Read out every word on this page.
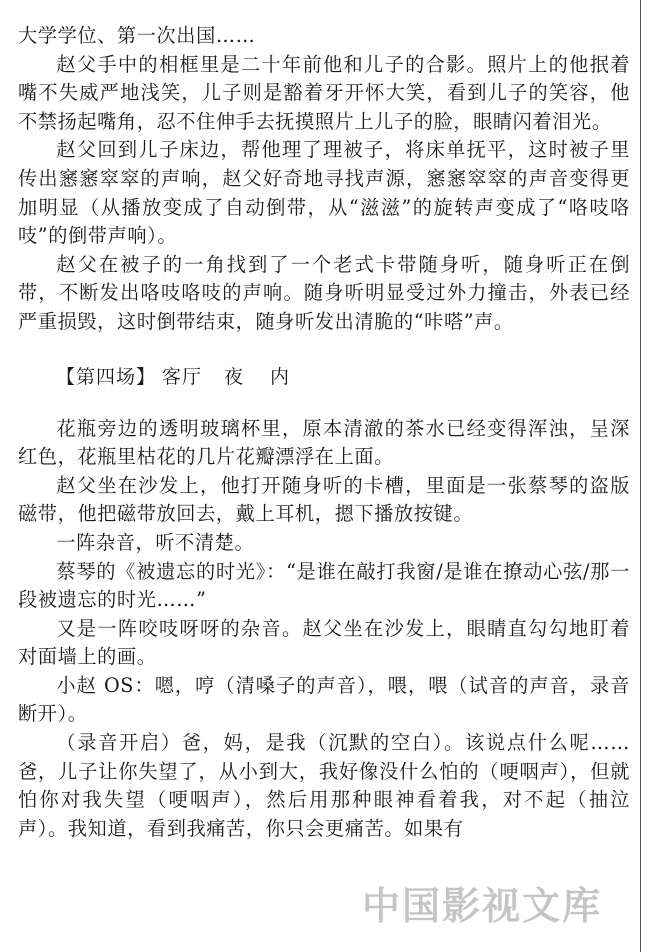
大学学位、第一次出国……

赵父手中的相框里是二十年前他和儿子的合影。照片上的他抿着嘴不失威严地浅笑，儿子则是豁着牙开怀大笑，看到儿子的笑容，他不禁扬起嘴角，忍不住伸手去抚摸照片上儿子的脸，眼睛闪着泪光。

赵父回到儿子床边，帮他理了理被子，将床单抚平，这时被子里传出窸窸窣窣的声响，赵父好奇地寻找声源，窸窸窣窣的声音变得更加明显（从播放变成了自动倒带，从“滋滋”的旋转声变成了“咯吱咯吱”的倒带声响）。

赵父在被子的一角找到了一个老式卡带随身听，随身听正在倒带，不断发出咯吱咯吱的声响。随身听明显受过外力撞击，外表已经严重损毁，这时倒带结束，随身听发出清脆的“咔嗒”声。

【第四场】 客厅 夜 内

花瓶旁边的透明玻璃杯里，原本清澈的茶水已经变得浑浊，呈深红色，花瓶里枯花的几片花瓣漂浮在上面。

赵父坐在沙发上，他打开随身听的卡槽，里面是一张蔡琴的盗版磁带，他把磁带放回去，戴上耳机，摁下播放按键。

一阵杂音，听不清楚。

蔡琴的《被遗忘的时光》：“是谁在敲打我窗/是谁在撩动心弦/那一段被遗忘的时光……”

又是一阵咬吱呀呀的杂音。赵父坐在沙发上，眼睛直勾勾地盯着对面墙上的画。

小赵 OS：嗯，哼（清嗓子的声音），喂，喂（试音的声音，录音断开）。

（录音开启）爸，妈，是我（沉默的空白）。该说点什么呢……爸，儿子让你失望了，从小到大，我好像没什么怕的（哽咽声），但就怕你对我失望（哽咽声），然后用那种眼神看着我，对不起（抽泣声）。我知道，看到我痛苦，你只会更痛苦。如果有

中国影视文库
